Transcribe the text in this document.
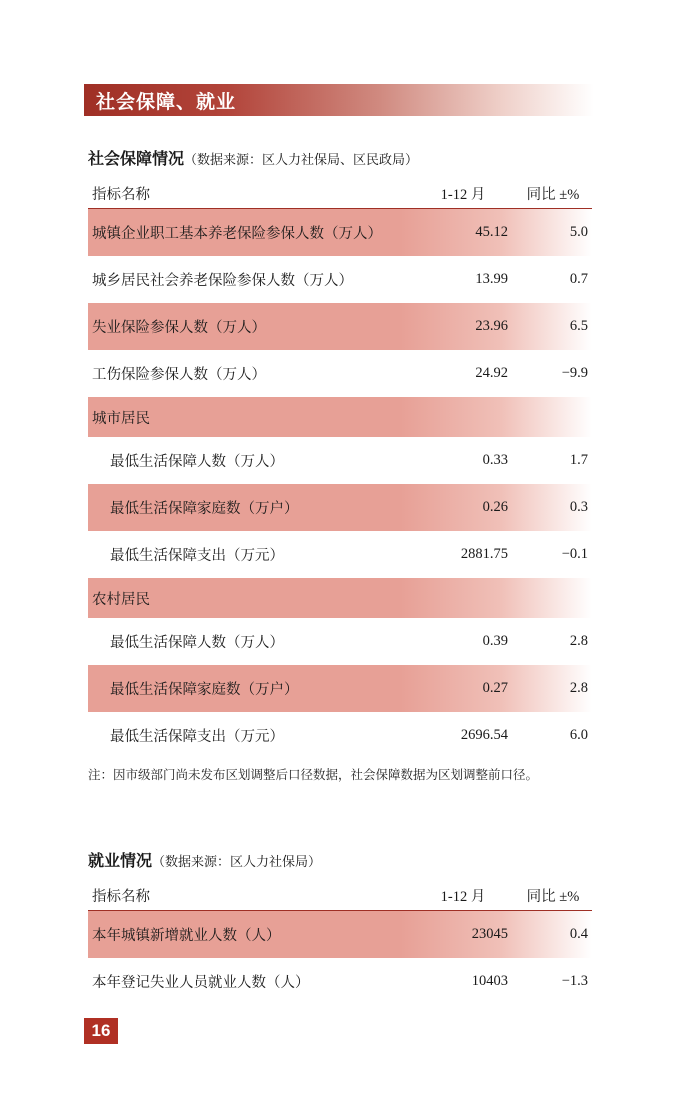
社会保障、就业
社会保障情况（数据来源：区人力社保局、区民政局）
指标名称	1-12 月	同比 ±%
城镇企业职工基本养老保险参保人数（万人）	45.12	5.0
城乡居民社会养老保险参保人数（万人）	13.99	0.7
失业保险参保人数（万人）	23.96	6.5
工伤保险参保人数（万人）	24.92	−9.9
城市居民
最低生活保障人数（万人）	0.33	1.7
最低生活保障家庭数（万户）	0.26	0.3
最低生活保障支出（万元）	2881.75	−0.1
农村居民
最低生活保障人数（万人）	0.39	2.8
最低生活保障家庭数（万户）	0.27	2.8
最低生活保障支出（万元）	2696.54	6.0
注：因市级部门尚未发布区划调整后口径数据，社会保障数据为区划调整前口径。
就业情况（数据来源：区人力社保局）
指标名称	1-12 月	同比 ±%
本年城镇新增就业人数（人）	23045	0.4
本年登记失业人员就业人数（人）	10403	−1.3
16
